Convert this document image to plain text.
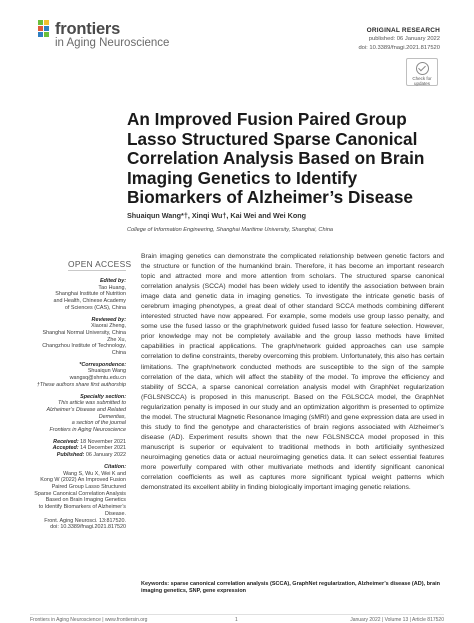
frontiers
in Aging Neuroscience
ORIGINAL RESEARCH
published: 06 January 2022
doi: 10.3389/fnagi.2021.817520
Check for updates
An Improved Fusion Paired Group Lasso Structured Sparse Canonical Correlation Analysis Based on Brain Imaging Genetics to Identify Biomarkers of Alzheimer’s Disease
Shuaiqun Wang*†, Xinqi Wu†, Kai Wei and Wei Kong
College of Information Engineering, Shanghai Maritime University, Shanghai, China
OPEN ACCESS
Edited by:
Tao Huang,
Shanghai Institute of Nutrition
and Health, Chinese Academy
of Sciences (CAS), China
Reviewed by:
Xiaorai Zheng,
Shanghai Normal University, China
Zhe Xu,
Changzhou Institute of Technology,
China
*Correspondence:
Shuaiqun Wang
wangsq@shmtu.edu.cn
†These authors share first authorship
Specialty section:
This article was submitted to
Alzheimer’s Disease and Related
Dementias,
a section of the journal
Frontiers in Aging Neuroscience
Received: 18 November 2021
Accepted: 14 December 2021
Published: 06 January 2022
Citation:
Wang S, Wu X, Wei K and
Kong W (2022) An Improved Fusion
Paired Group Lasso Structured
Sparse Canonical Correlation Analysis
Based on Brain Imaging Genetics
to Identify Biomarkers of Alzheimer’s
Disease.
Front. Aging Neurosci. 13:817520.
doi: 10.3389/fnagi.2021.817520
Brain imaging genetics can demonstrate the complicated relationship between genetic factors and the structure or function of the humankind brain. Therefore, it has become an important research topic and attracted more and more attention from scholars. The structured sparse canonical correlation analysis (SCCA) model has been widely used to identify the association between brain image data and genetic data in imaging genetics. To investigate the intricate genetic basis of cerebrum imaging phenotypes, a great deal of other standard SCCA methods combining different interested structed have now appeared. For example, some models use group lasso penalty, and some use the fused lasso or the graph/network guided fused lasso for feature selection. However, prior knowledge may not be completely available and the group lasso methods have limited capabilities in practical applications. The graph/network guided approaches can use sample correlation to define constraints, thereby overcoming this problem. Unfortunately, this also has certain limitations. The graph/network conducted methods are susceptible to the sign of the sample correlation of the data, which will affect the stability of the model. To improve the efficiency and stability of SCCA, a sparse canonical correlation analysis model with GraphNet regularization (FGLSNSCCA) is proposed in this manuscript. Based on the FGLSCCA model, the GraphNet regularization penalty is imposed in our study and an optimization algorithm is presented to optimize the model. The structural Magnetic Resonance Imaging (sMRI) and gene expression data are used in this study to find the genotype and characteristics of brain regions associated with Alzheimer’s disease (AD). Experiment results shown that the new FGLSNSCCA model proposed in this manuscript is superior or equivalent to traditional methods in both artificially synthesized neuroimaging genetics data or actual neuroimaging genetics data. It can select essential features more powerfully compared with other multivariate methods and identify significant canonical correlation coefficients as well as captures more significant typical weight patterns which demonstrated its excellent ability in finding biologically important imaging genetic relations.
Keywords: sparse canonical correlation analysis (SCCA), GraphNet regularization, Alzheimer’s disease (AD), brain imaging genetics, SNP, gene expression
Frontiers in Aging Neuroscience | www.frontiersin.org	1	January 2022 | Volume 13 | Article 817520
